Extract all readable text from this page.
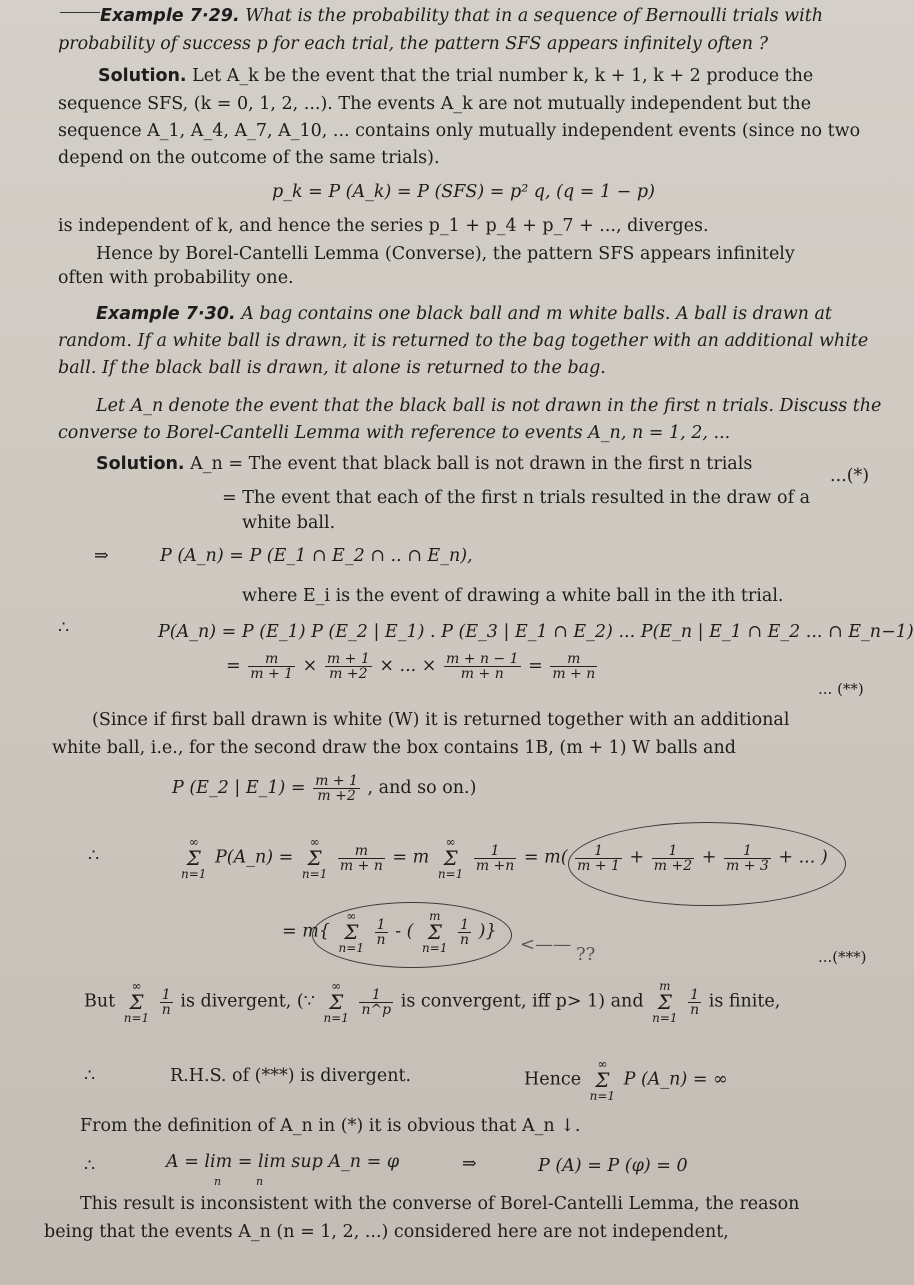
Example 7·29. What is the probability that in a sequence of Bernoulli trials with
probability of success p for each trial, the pattern SFS appears infinitely often ?
Solution. Let A_k be the event that the trial number k, k + 1, k + 2 produce the
sequence SFS, (k = 0, 1, 2, ...). The events A_k are not mutually independent but the
sequence A_1, A_4, A_7, A_10, ... contains only mutually independent events (since no two
depend on the outcome of the same trials).
p_k = P (A_k) = P (SFS) = p² q, (q = 1 − p)
is independent of k, and hence the series p_1 + p_4 + p_7 + ..., diverges.
Hence by Borel-Cantelli Lemma (Converse), the pattern SFS appears infinitely
often with probability one.
Example 7·30. A bag contains one black ball and m white balls. A ball is drawn at
random. If a white ball is drawn, it is returned to the bag together with an additional white
ball. If the black ball is drawn, it alone is returned to the bag.
Let A_n denote the event that the black ball is not drawn in the first n trials. Discuss the
converse to Borel-Cantelli Lemma with reference to events A_n, n = 1, 2, ...
Solution. A_n = The event that black ball is not drawn in the first n trials
...(*)
= The event that each of the first n trials resulted in the draw of a
white ball.
⇒	P (A_n) = P (E_1 ∩ E_2 ∩ .. ∩ E_n),
where E_i is the event of drawing a white ball in the ith trial.
∴	P(A_n) = P (E_1) P (E_2 | E_1) . P (E_3 | E_1 ∩ E_2) ... P(E_n | E_1 ∩ E_2 ... ∩ E_n−1)
= $\frac{m}{m + 1} \times \frac{m + 1}{m +2}$ × ... × $\frac{m + n - 1}{m + n} = \frac{m}{m + n}$
... (**)
(Since if first ball drawn is white (W) it is returned together with an additional
white ball, i.e., for the second draw the box contains 1B, (m + 1) W balls and
P (E_2 | E_1) = $\frac{m + 1}{m +2}$ , and so on.)
∴
∞
Σ
n=1 P(A_n) = ∞
Σ
n=1
$\frac{m}{m + n} = m$ ∞
Σ
n=1
$\frac{1}{m +n} = m( \frac{1}{m + 1} + \frac{1}{m +2} + \frac{1}{m + 3}$ + ... )
= m{ ∞
Σ
n=1
$\frac{1}{n}$ - ( m
Σ
n=1
$\frac{1}{n}$ )}
<—— ??	...(***)
But ∞
Σ
n=1
$\frac{1}{n}$ is divergent, (∵ ∞
Σ
n=1
$\frac{1}{n\^{}p}$ is convergent, iff p> 1) and m
Σ
n=1
$\frac{1}{n}$ is finite,
∴	R.H.S. of (***) is divergent.	Hence ∞
Σ
n=1 P (A_n) = ∞
From the definition of A_n in (*) it is obvious that A_n ↓.
∴	A = lim = lim sup A_n = φ
n          n
⇒	P (A) = P (φ) = 0
This result is inconsistent with the converse of Borel-Cantelli Lemma, the reason
being that the events A_n (n = 1, 2, ...) considered here are not independent,
